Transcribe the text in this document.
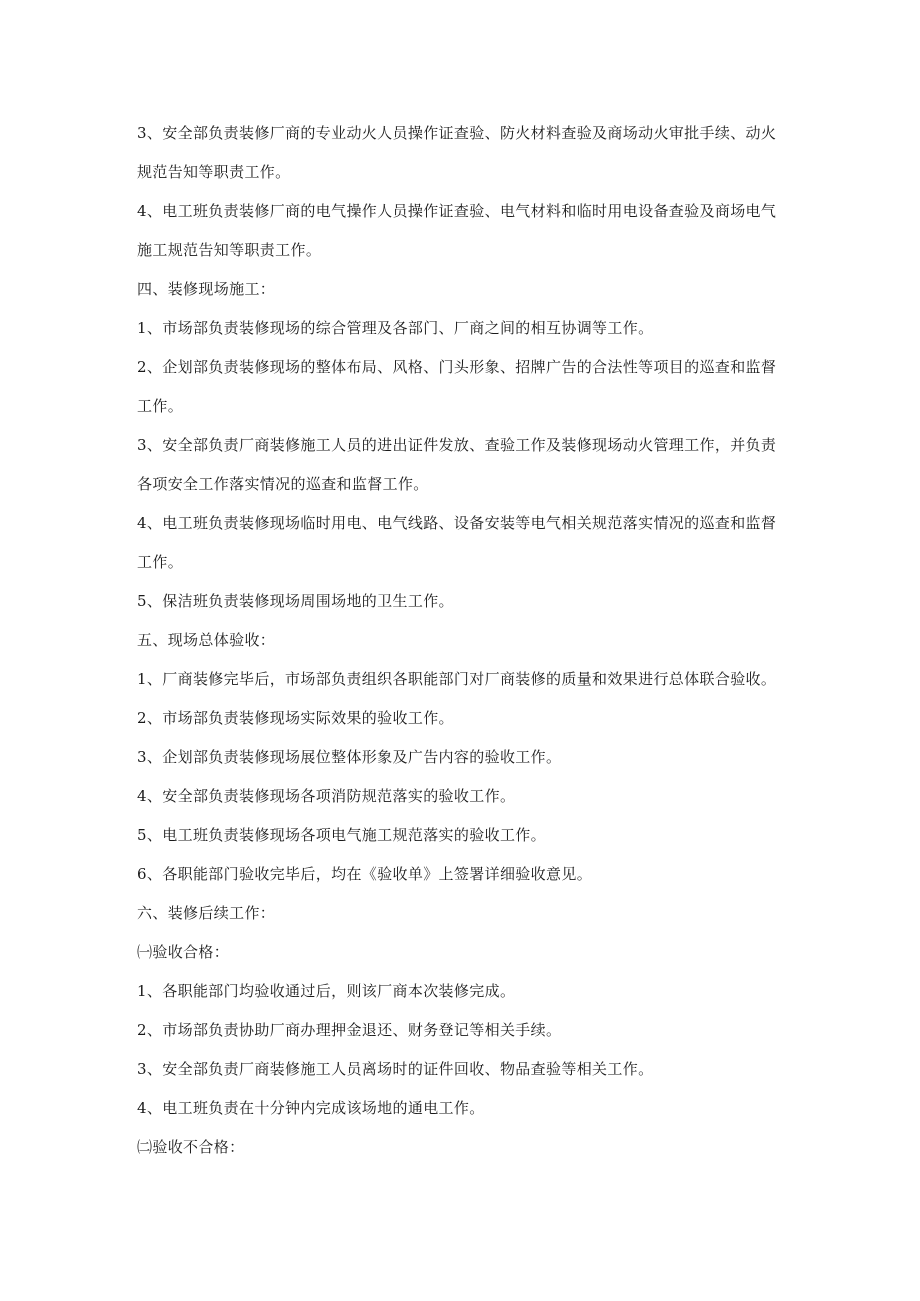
3、安全部负责装修厂商的专业动火人员操作证查验、防火材料查验及商场动火审批手续、动火
规范告知等职责工作。
4、电工班负责装修厂商的电气操作人员操作证查验、电气材料和临时用电设备查验及商场电气
施工规范告知等职责工作。
四、装修现场施工：
1、市场部负责装修现场的综合管理及各部门、厂商之间的相互协调等工作。
2、企划部负责装修现场的整体布局、风格、门头形象、招牌广告的合法性等项目的巡查和监督
工作。
3、安全部负责厂商装修施工人员的进出证件发放、查验工作及装修现场动火管理工作，并负责
各项安全工作落实情况的巡查和监督工作。
4、电工班负责装修现场临时用电、电气线路、设备安装等电气相关规范落实情况的巡查和监督
工作。
5、保洁班负责装修现场周围场地的卫生工作。
五、现场总体验收：
1、厂商装修完毕后，市场部负责组织各职能部门对厂商装修的质量和效果进行总体联合验收。
2、市场部负责装修现场实际效果的验收工作。
3、企划部负责装修现场展位整体形象及广告内容的验收工作。
4、安全部负责装修现场各项消防规范落实的验收工作。
5、电工班负责装修现场各项电气施工规范落实的验收工作。
6、各职能部门验收完毕后，均在《验收单》上签署详细验收意见。
六、装修后续工作：
㈠验收合格：
1、各职能部门均验收通过后，则该厂商本次装修完成。
2、市场部负责协助厂商办理押金退还、财务登记等相关手续。
3、安全部负责厂商装修施工人员离场时的证件回收、物品查验等相关工作。
4、电工班负责在十分钟内完成该场地的通电工作。
㈡验收不合格：
